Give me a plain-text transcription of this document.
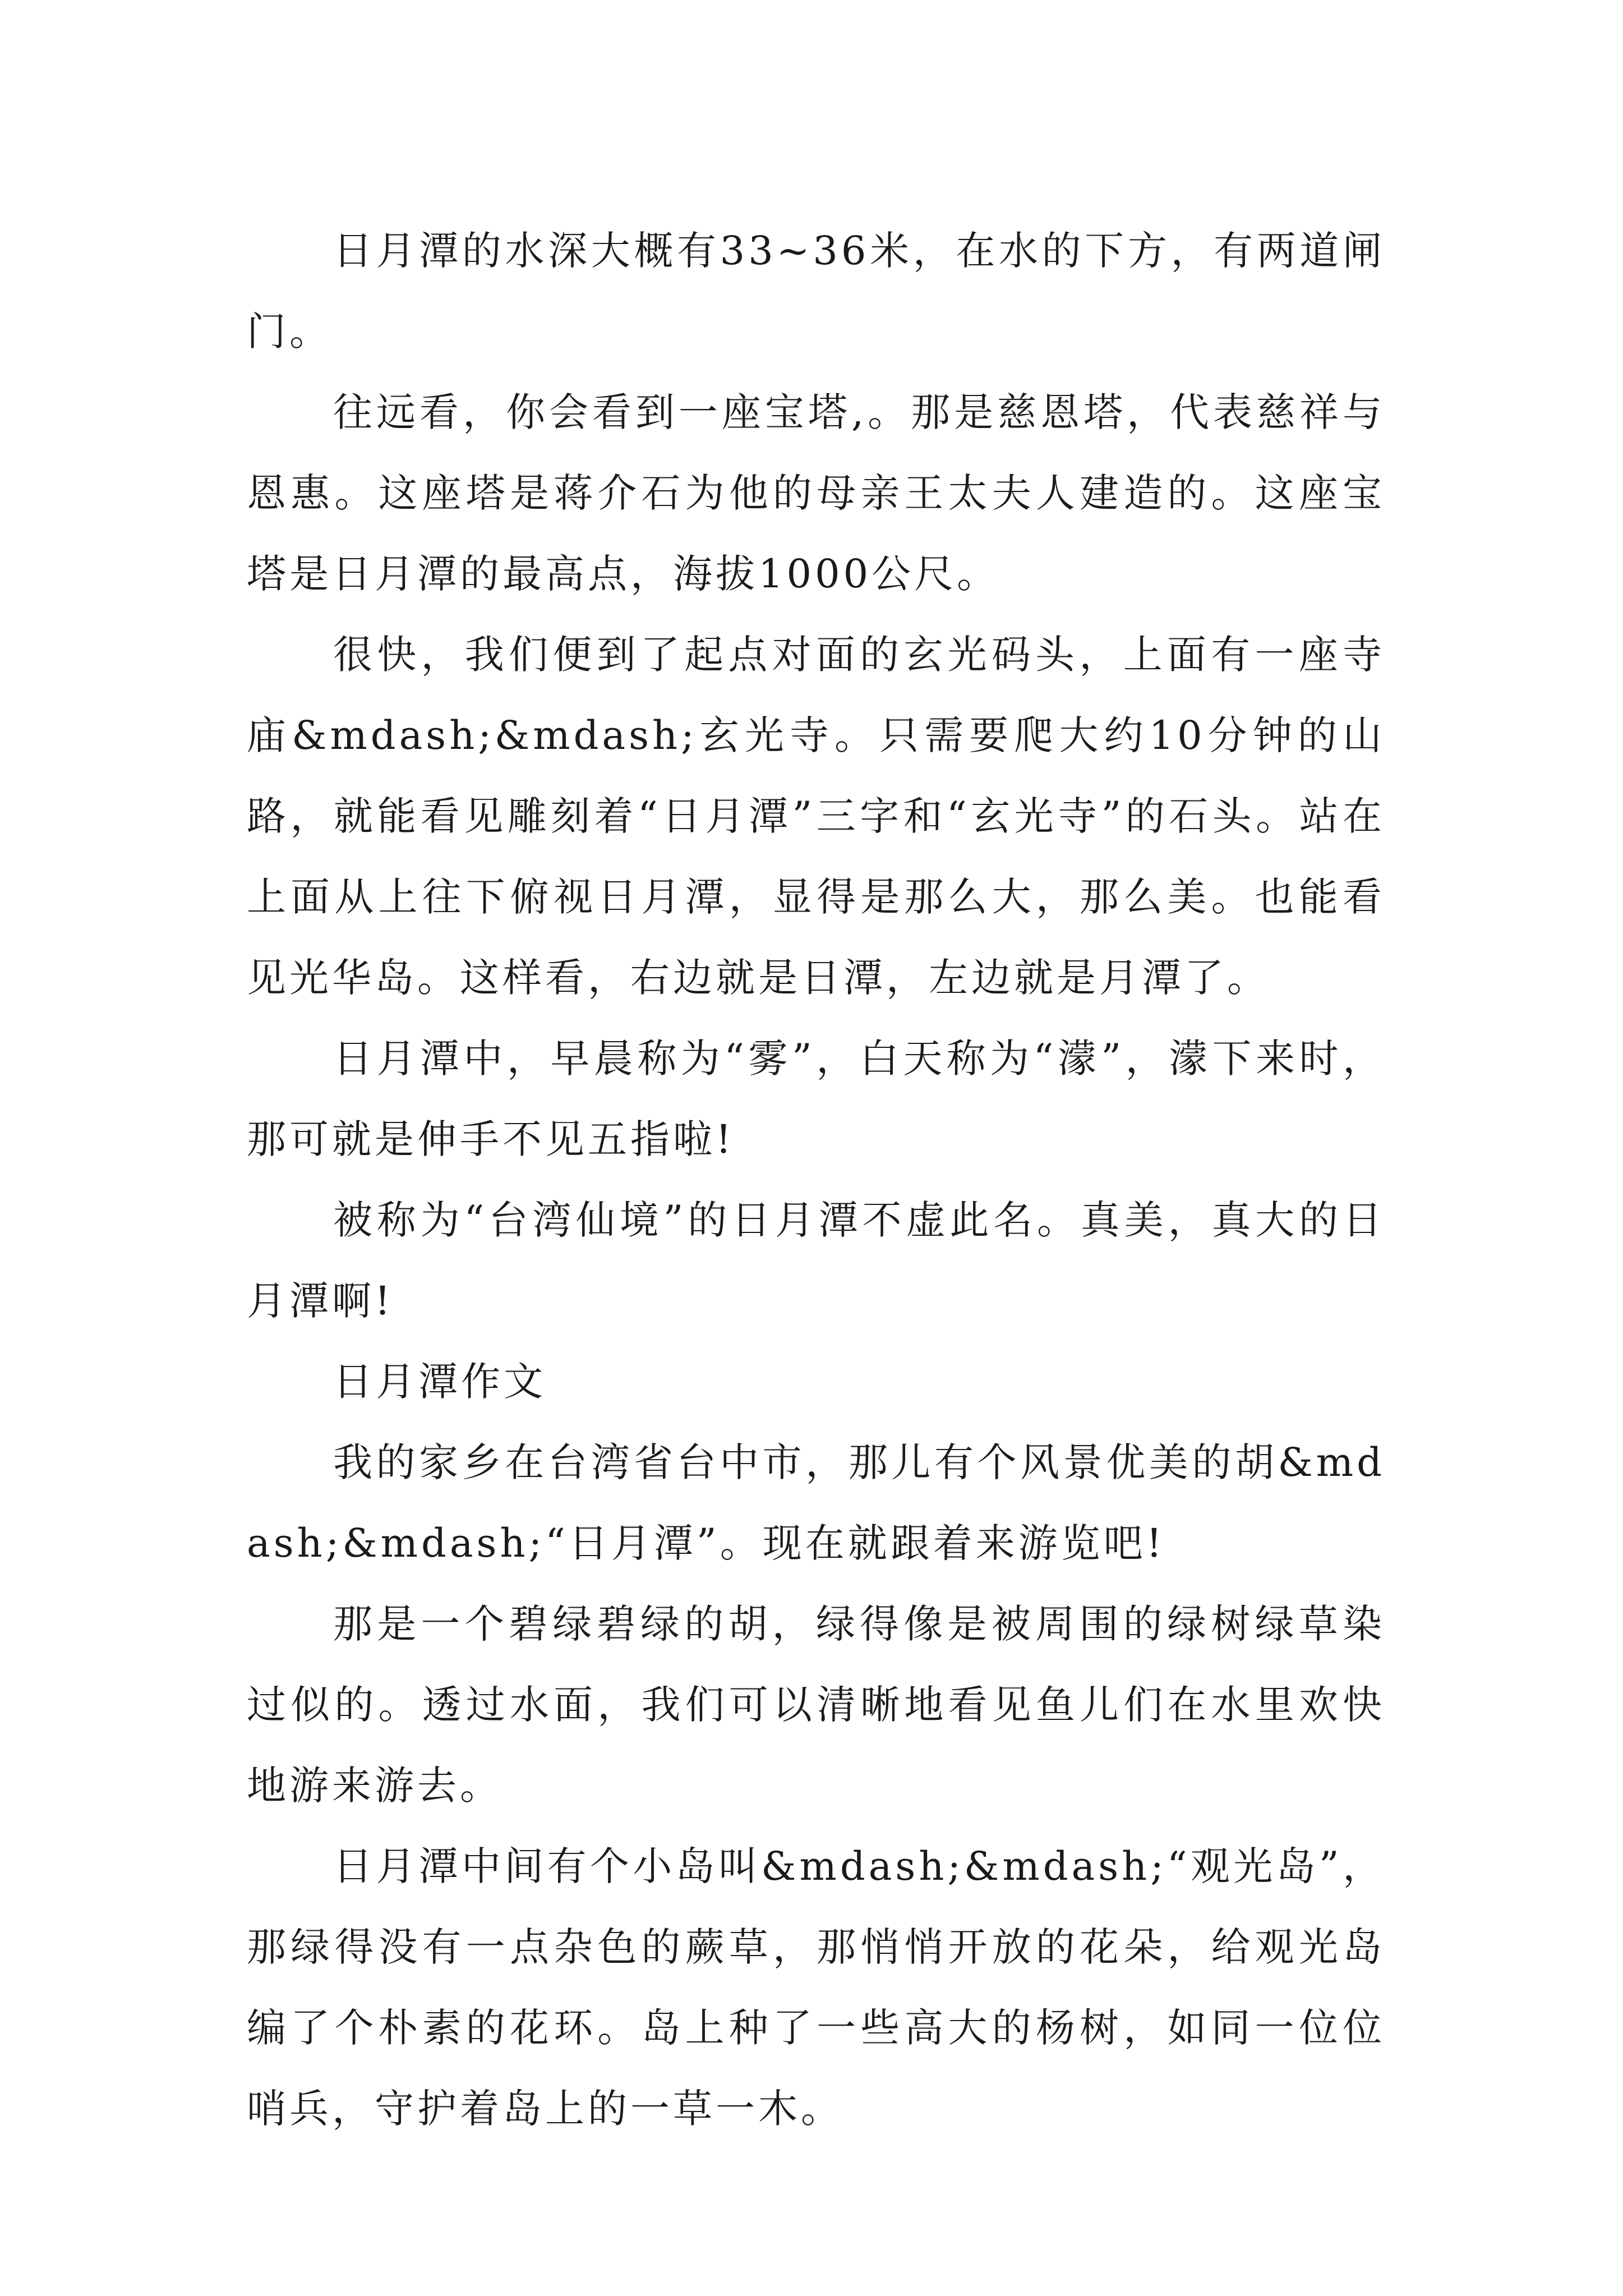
日月潭的水深大概有33~36米，在水的下方，有两道闸门。

往远看，你会看到一座宝塔,。那是慈恩塔，代表慈祥与恩惠。这座塔是蒋介石为他的母亲王太夫人建造的。这座宝塔是日月潭的最高点，海拔1000公尺。

很快，我们便到了起点对面的玄光码头，上面有一座寺庙&mdash;&mdash;玄光寺。只需要爬大约10分钟的山路，就能看见雕刻着“日月潭”三字和“玄光寺”的石头。站在上面从上往下俯视日月潭，显得是那么大，那么美。也能看见光华岛。这样看，右边就是日潭，左边就是月潭了。

日月潭中，早晨称为“雾”，白天称为“濛”，濛下来时，那可就是伸手不见五指啦!

被称为“台湾仙境”的日月潭不虚此名。真美，真大的日月潭啊!

日月潭作文

我的家乡在台湾省台中市，那儿有个风景优美的胡&mdash;&mdash;“日月潭”。现在就跟着来游览吧!

那是一个碧绿碧绿的胡，绿得像是被周围的绿树绿草染过似的。透过水面，我们可以清晰地看见鱼儿们在水里欢快地游来游去。

日月潭中间有个小岛叫&mdash;&mdash;“观光岛”，那绿得没有一点杂色的蕨草，那悄悄开放的花朵，给观光岛编了个朴素的花环。岛上种了一些高大的杨树，如同一位位哨兵，守护着岛上的一草一木。
